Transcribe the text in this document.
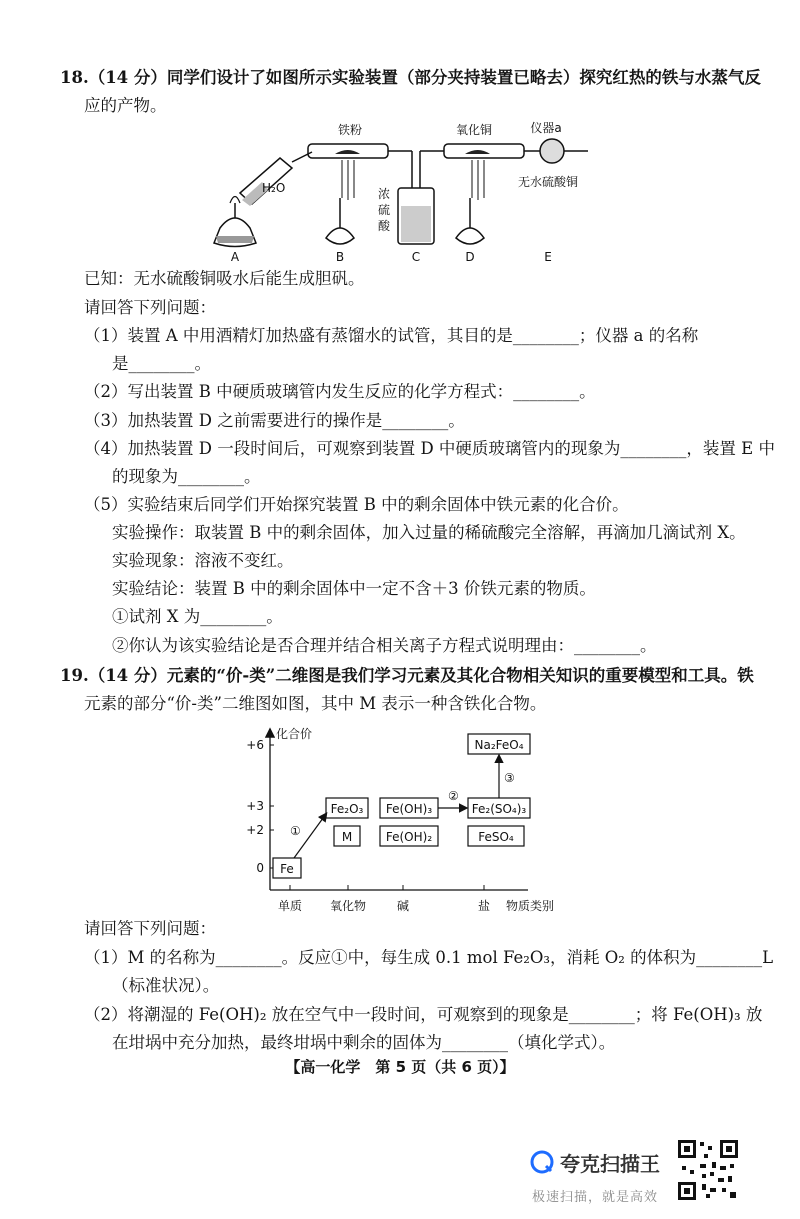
18.（14 分）同学们设计了如图所示实验装置（部分夹持装置已略去）探究红热的铁与水蒸气反
应的产物。
铁粉	氧化铜	仪器a
无水硫酸铜
H₂O	浓
硫
酸
A	B	C	D	E
已知：无水硫酸铜吸水后能生成胆矾。
请回答下列问题：
（1）装置 A 中用酒精灯加热盛有蒸馏水的试管，其目的是________；仪器 a 的名称
是________。
（2）写出装置 B 中硬质玻璃管内发生反应的化学方程式：________。
（3）加热装置 D 之前需要进行的操作是________。
（4）加热装置 D 一段时间后，可观察到装置 D 中硬质玻璃管内的现象为________，装置 E 中
的现象为________。
（5）实验结束后同学们开始探究装置 B 中的剩余固体中铁元素的化合价。
实验操作：取装置 B 中的剩余固体，加入过量的稀硫酸完全溶解，再滴加几滴试剂 X。
实验现象：溶液不变红。
实验结论：装置 B 中的剩余固体中一定不含＋3 价铁元素的物质。
①试剂 X 为________。
②你认为该实验结论是否合理并结合相关离子方程式说明理由：________。
19.（14 分）元素的“价-类”二维图是我们学习元素及其化合物相关知识的重要模型和工具。铁
元素的部分“价-类”二维图如图，其中 M 表示一种含铁化合物。
化合价
+6
+3
+2
0
单质 氧化物	碱	盐 物质类别
Fe
Fe₂O₃
M
Fe(OH)₃
Fe(OH)₂
Fe₂(SO₄)₃
FeSO₄
Na₂FeO₄
①
②
③
请回答下列问题：
（1）M 的名称为________。反应①中，每生成 0.1 mol Fe₂O₃，消耗 O₂ 的体积为________L
（标准状况）。
（2）将潮湿的 Fe(OH)₂ 放在空气中一段时间，可观察到的现象是________；将 Fe(OH)₃ 放
在坩埚中充分加热，最终坩埚中剩余的固体为________（填化学式）。
【高一化学　第 5 页（共 6 页）】
夸克扫描王
极速扫描，就是高效
